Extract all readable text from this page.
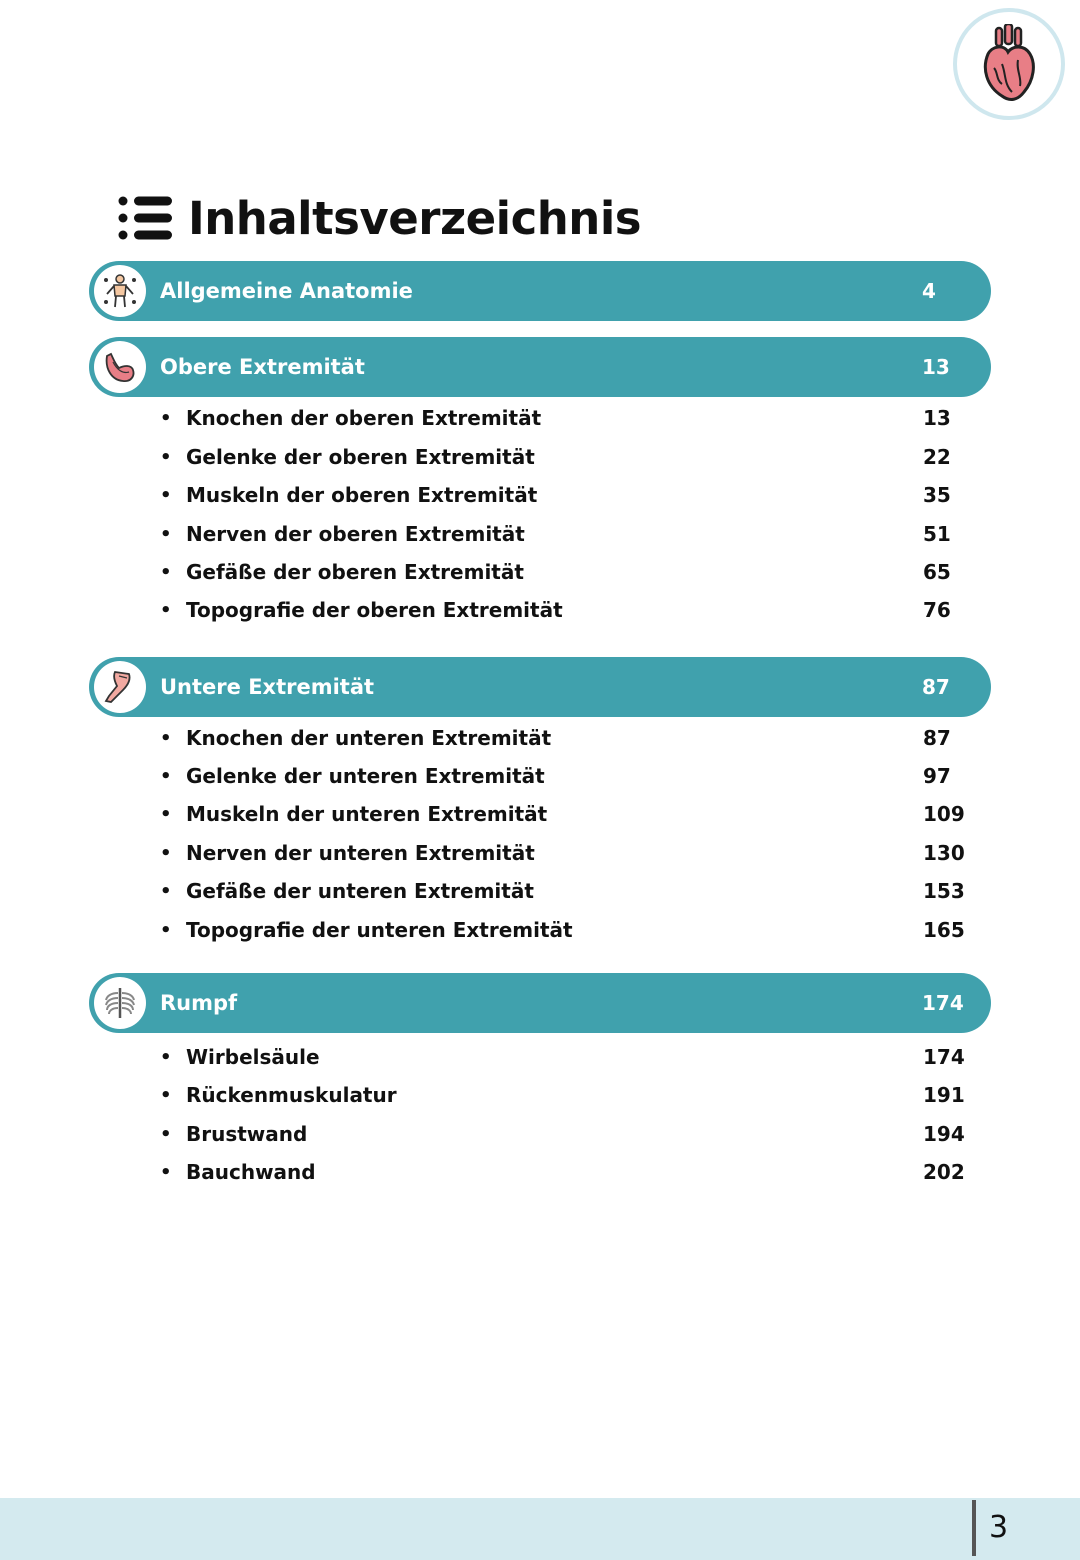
Inhaltsverzeichnis
Allgemeine Anatomie	4
Obere Extremität	13
• Knochen der oberen Extremität	13
• Gelenke der oberen Extremität	22
• Muskeln der oberen Extremität	35
• Nerven der oberen Extremität	51
• Gefäße der oberen Extremität	65
• Topografie der oberen Extremität	76
Untere Extremität	87
• Knochen der unteren Extremität	87
• Gelenke der unteren Extremität	97
• Muskeln der unteren Extremität	109
• Nerven der unteren Extremität	130
• Gefäße der unteren Extremität	153
• Topografie der unteren Extremität	165
Rumpf	174
• Wirbelsäule	174
• Rückenmuskulatur	191
• Brustwand	194
• Bauchwand	202
3
